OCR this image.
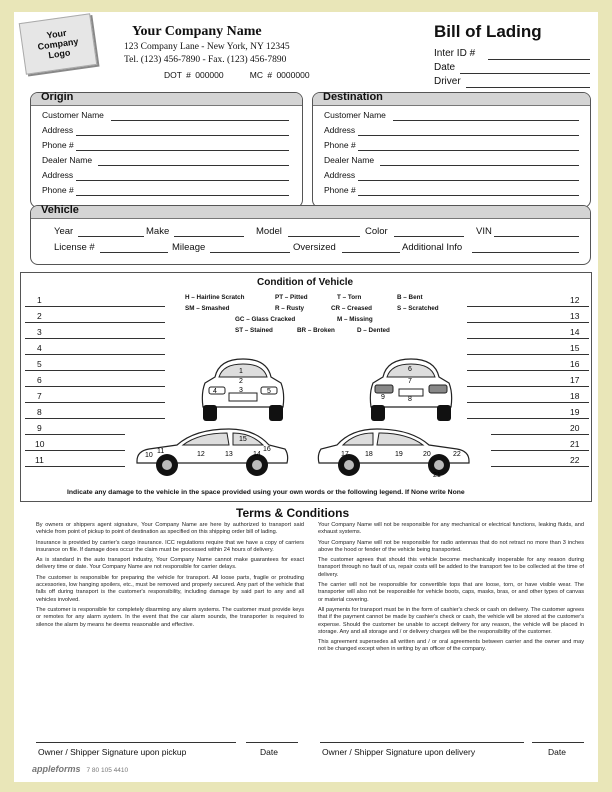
Your
Company
Logo
Your Company Name
123 Company Lane - New York, NY 12345
Tel. (123) 456-7890 - Fax. (123) 456-7890
DOT # 000000	MC # 0000000
Bill of Lading
Inter ID #
Date
Driver
Origin
Customer Name
Address
Phone #
Dealer Name
Address
Phone #
Destination
Customer Name
Address
Phone #
Dealer Name
Address
Phone #
Vehicle
Year	Make	Model	Color	VIN
License #	Mileage	Oversized	Additional Info
Condition of Vehicle
H – Hairline Scratch	PT – Pitted	T – Torn	B – Bent
SM – Smashed	R – Rusty	CR – Creased	S – Scratched
GC – Glass Cracked	M – Missing
ST – Stained	BR – Broken	D – Dented
1
2
3
4
5
6
7
8
9
10
11
12
13
14
15
16
17
18
19
20
21
22
1
2
3
4	5
6
7
8
9
10
11	12	13	14
15
16
17 18	19	20
21
22
Indicate any damage to the vehicle in the space provided using your own words or the following legend. If None write None
Terms & Conditions

By owners or shippers agent signature, Your Company Name are here by authorized to transport said vehicle from point of pickup to point of destination as specified on this shipping order bill of lading.

Insurance is provided by carrier's cargo insurance. ICC regulations require that we have a copy of carriers insurance on file. If damage does occur the claim must be processed within 24 hours of delivery.

As is standard in the auto transport industry, Your Company Name cannot make guarantees for exact delivery time or date. Your Company Name are not responsible for carrier delays.

The customer is responsible for preparing the vehicle for transport. All loose parts, fragile or protruding accessories, low hanging spoilers, etc., must be removed and properly secured. Any part of the vehicle that falls off during transport is the customer's responsibility, including damage by said part to any and all vehicles involved.

The customer is responsible for completely disarming any alarm systems. The customer must provide keys or remotes for any alarm system. In the event that the car alarm sounds, the transporter is required to silence the alarm by means he deems reasonable and effective.

Your Company Name will not be responsible for any mechanical or electrical functions, leaking fluids, and exhaust systems.

Your Company Name will not be responsible for radio antennas that do not retract no more than 3 inches above the hood or fender of the vehicle being transported.

The customer agrees that should this vehicle become mechanically inoperable for any reason during transport through no fault of us, repair costs will be added to the transport fee to be collected at the time of delivery.

The carrier will not be responsible for convertible tops that are loose, torn, or have visible wear. The transporter will also not be responsible for vehicle boots, caps, masks, bras, or and other types of canvas or material covering.

All payments for transport must be in the form of cashier's check or cash on delivery. The customer agrees that if the payment cannot be made by cashier's check or cash, the vehicle will be stored at the customer's expense. Should the customer be unable to accept delivery for any reason, the vehicle will be placed in storage. Any and all storage and / or delivery charges will be the responsibility of the customer.

This agreement supersedes all written and / or oral agreements between carrier and the owner and may not be changed except when in writing by an officer of the company.

Owner / Shipper Signature upon pickup	Date	Owner / Shipper Signature upon delivery	Date
appleforms 7 80 105 4410
